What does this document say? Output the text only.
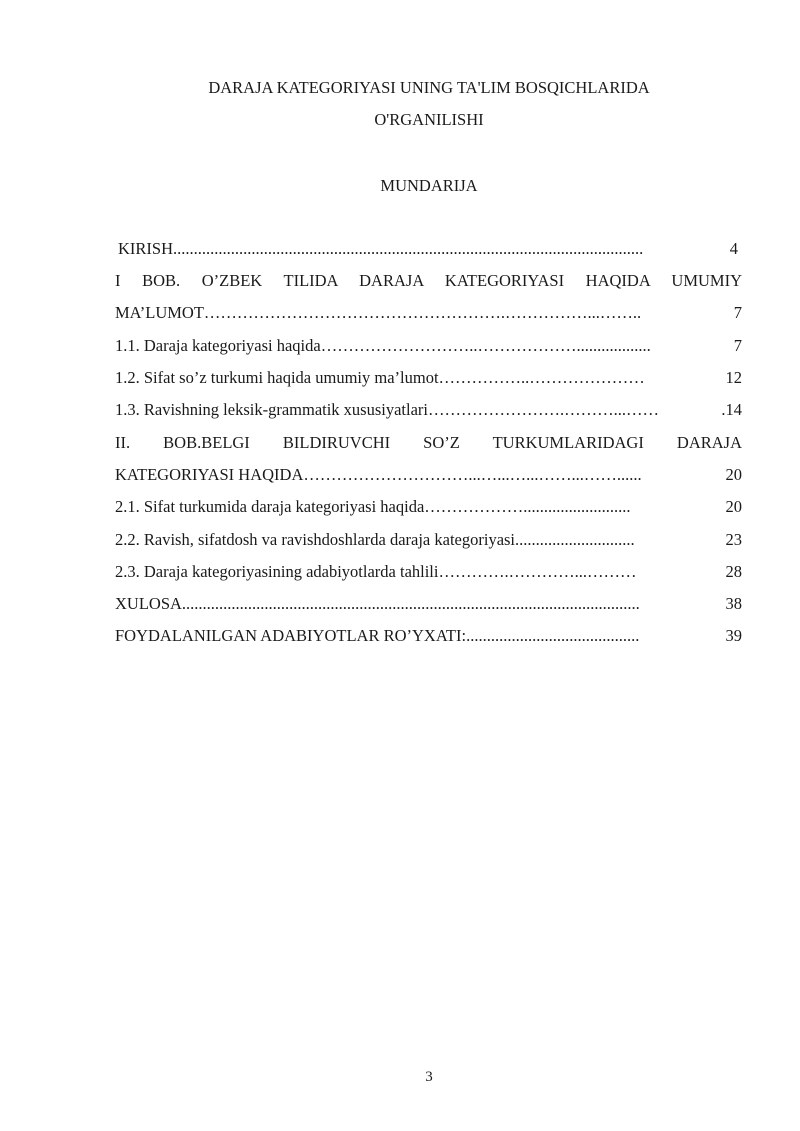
DARAJA KATEGORIYASI UNING TA'LIM BOSQICHLARIDA
O'RGANILISHI
MUNDARIJA
KIRISH ..................................................................................................................	4
I BOB. O’ZBEK TILIDA DARAJA KATEGORIYASI HAQIDA UMUMIY
MA’LUMOT ……………………………………………….……………...……..	7
1.1. Daraja kategoriyasi haqida ………………………..………………..................	7
1.2. Sifat so’z turkumi haqida umumiy ma’lumot ……………..…………………	12
1.3. Ravishning leksik-grammatik xususiyatlari …………………….………...……	.14
II. BOB.BELGI BILDIRUVCHI SO’Z TURKUMLARIDAGI DARAJA
KATEGORIYASI HAQIDA …………………………...…...…...……...……......	20
2.1. Sifat turkumida daraja kategoriyasi haqida ………………..........................	20
2.2. Ravish, sifatdosh va ravishdoshlarda daraja kategoriyasi .............................	23
2.3. Daraja kategoriyasining adabiyotlarda tahlili ………….…………...………	28
XULOSA ...............................................................................................................	38
FOYDALANILGAN ADABIYOTLAR RO’YXATI: ..........................................	39
3
